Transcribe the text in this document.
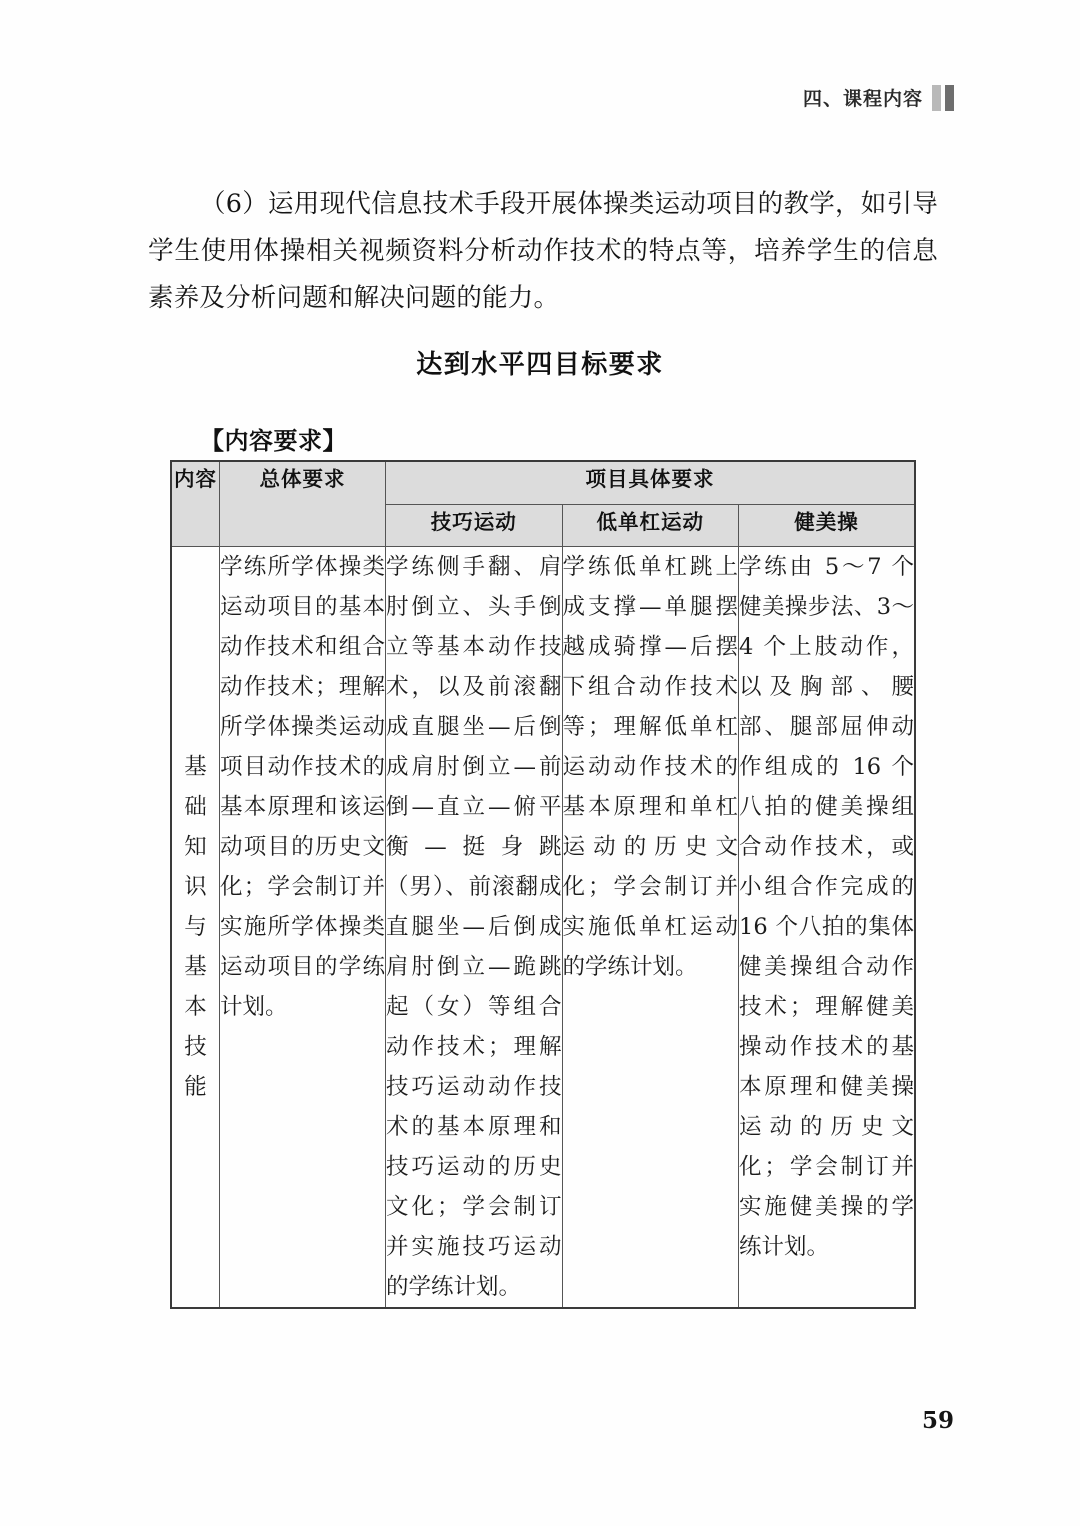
四、课程内容

（6）运用现代信息技术手段开展体操类运动项目的教学，如引导学生使用体操相关视频资料分析动作技术的特点等，培养学生的信息素养及分析问题和解决问题的能力。

达到水平四目标要求
【内容要求】
内容	总体要求	项目具体要求		
		技巧运动	低单杠运动	健美操
基础知识与基本技能	学练所学体操类运动项目的基本动作技术和组合动作技术；理解所学体操类运动项目动作技术的基本原理和该运动项目的历史文化；学会制订并实施所学体操类运动项目的学练计划。	学练侧手翻、肩肘倒立、头手倒立等基本动作技术，以及前滚翻成直腿坐—后倒成肩肘倒立—前倒—直立—俯平衡—挺身跳（男）、前滚翻成直腿坐—后倒成肩肘倒立—跪跳起（女）等组合动作技术；理解技巧运动动作技术的基本原理和技巧运动的历史文化；学会制订并实施技巧运动的学练计划。	学练低单杠跳上成支撑—单腿摆越成骑撑—后摆下组合动作技术等；理解低单杠运动动作技术的基本原理和单杠运动的历史文化；学会制订并实施低单杠运动的学练计划。	学练由 5～7 个健美操步法、3～4 个上肢动作，以及胸部、腰部、腿部屈伸动作组成的 16 个八拍的健美操组合动作技术，或小组合作完成的 16 个八拍的集体健美操组合动作技术；理解健美操动作技术的基本原理和健美操运动的历史文化；学会制订并实施健美操的学练计划。
59
